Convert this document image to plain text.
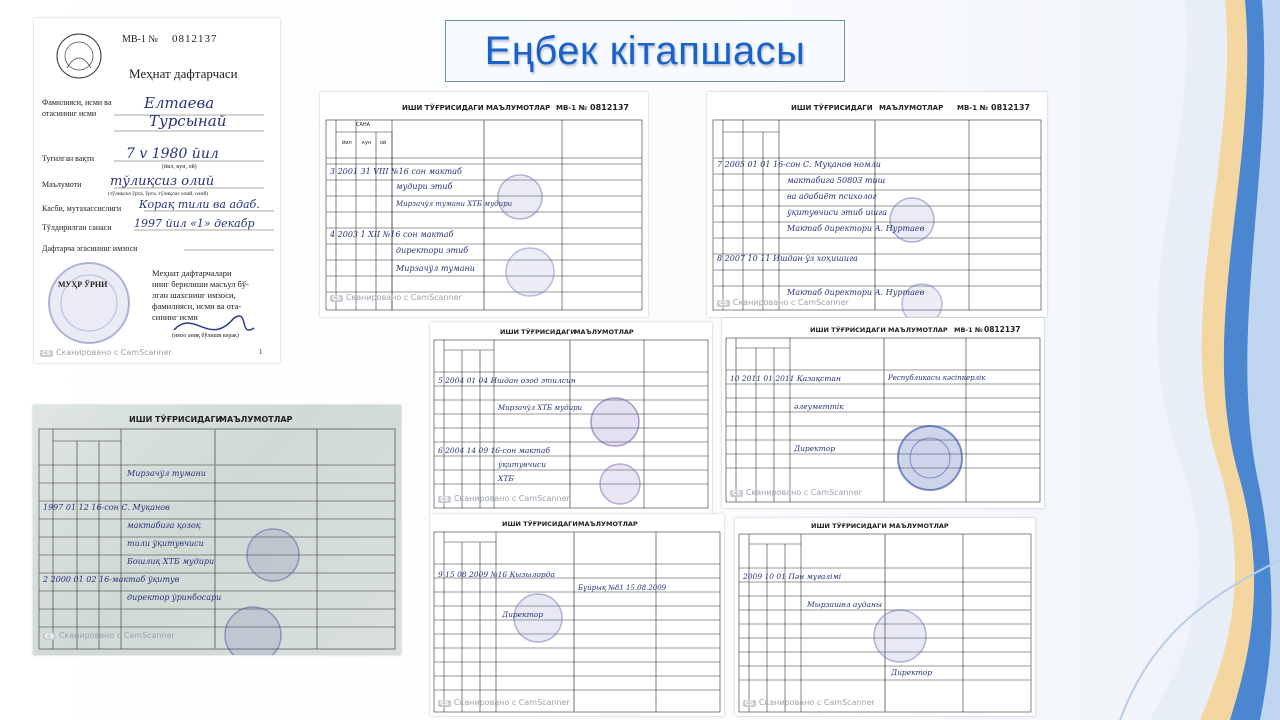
Еңбек кітапшасы
МВ-1 № 0812137
Меҳнат дафтарчаси
Фамилияси, исми ва Елтаева
отасининг исми	Турсынай
Туғилган вақти 7 v 1980 йил
(йил, кун, ой)
Маълумоти тўлиқсиз олий
(тўлиқсиз ўрта, ўрта, тўлиқсиз олий, олий)
Касби, мутахассислиги Корақ тили ва адаб.
Тўлдирилган санаси 1997 йил «1» декабр
Дафтарча эгасининг имзоси
МУҲР ЎРНИ
Меҳнат дафтарчалари
нинг берилиши масъул бў-
лган шахснинг имзоси,
фамилияси, исми ва ота-
сининг исми
(имзо аниқ бўлиши керак)
1
CS Сканировано с CamScanner
ИШИ ТЎҒРИСИДАГИ МАЪЛУМОТЛАР МВ-1 № 0812137
САНА
йил кун ой
3 2001 31 VIII №16 сон мактаб
мудири этиб
Мирзачўл тумани ХТБ мудири
4 2003 1 XII №16 сон мактаб
директори этиб
Мирзачўл тумани
CS Сканировано с CamScanner
ИШИ ТЎҒРИСИДАГИ МАЪЛУМОТЛАР МВ-1 № 0812137
7 2005 01 01 16-сон С. Муқанов номли
мактабига 50803 тиш
ва адабиёт психолог
ўқитувчиси этиб ишга
Мактаб директори А. Нуртаев
8 2007 10 11 Ишдан ўз хоҳишига
Мактаб директори А. Нуртаев
CS Сканировано с CamScanner
ИШИ ТЎҒРИСИДАГИ
МАЪЛУМОТЛАР
Мирзачўл тумани
1997 01 12 16-сон С. Муқанов
мактабига қозоқ
тили ўқитувчиси
Бошлиқ ХТБ мудири
2 2000 01 02 16-мактаб ўқитув
директор ўринбосари
CS Сканировано с CamScanner
ИШИ ТЎҒРИСИДАГИ
МАЪЛУМОТЛАР
5 2004 01 04 Ишдан озод этилсин
Мирзачўл ХТБ мудири
6 2004 14 09 16-сон мактаб
ўқитувчиси
ХТБ
CS Сканировано с CamScanner
ИШИ ТЎҒРИСИДАГИ МАЪЛУМОТЛАР МВ-1 № 0812137
10 2011 01 2011 Қазақстан	Республикасы кәсіпкерлік
әлеуметтік
Директор
CS Сканировано с CamScanner
ИШИ ТЎҒРИСИДАГИ МАЪЛУМОТЛАР
9 15 08 2009 №16 Қызылорда
Директор
Бұйрық №81 15.08.2009
CS Сканировано с CamScanner
ИШИ ТЎҒРИСИДАГИ МАЪЛУМОТЛАР
2009 10 01 Пән мұғалімі
Мырзашөл ауданы
Директор
CS Сканировано с CamScanner
